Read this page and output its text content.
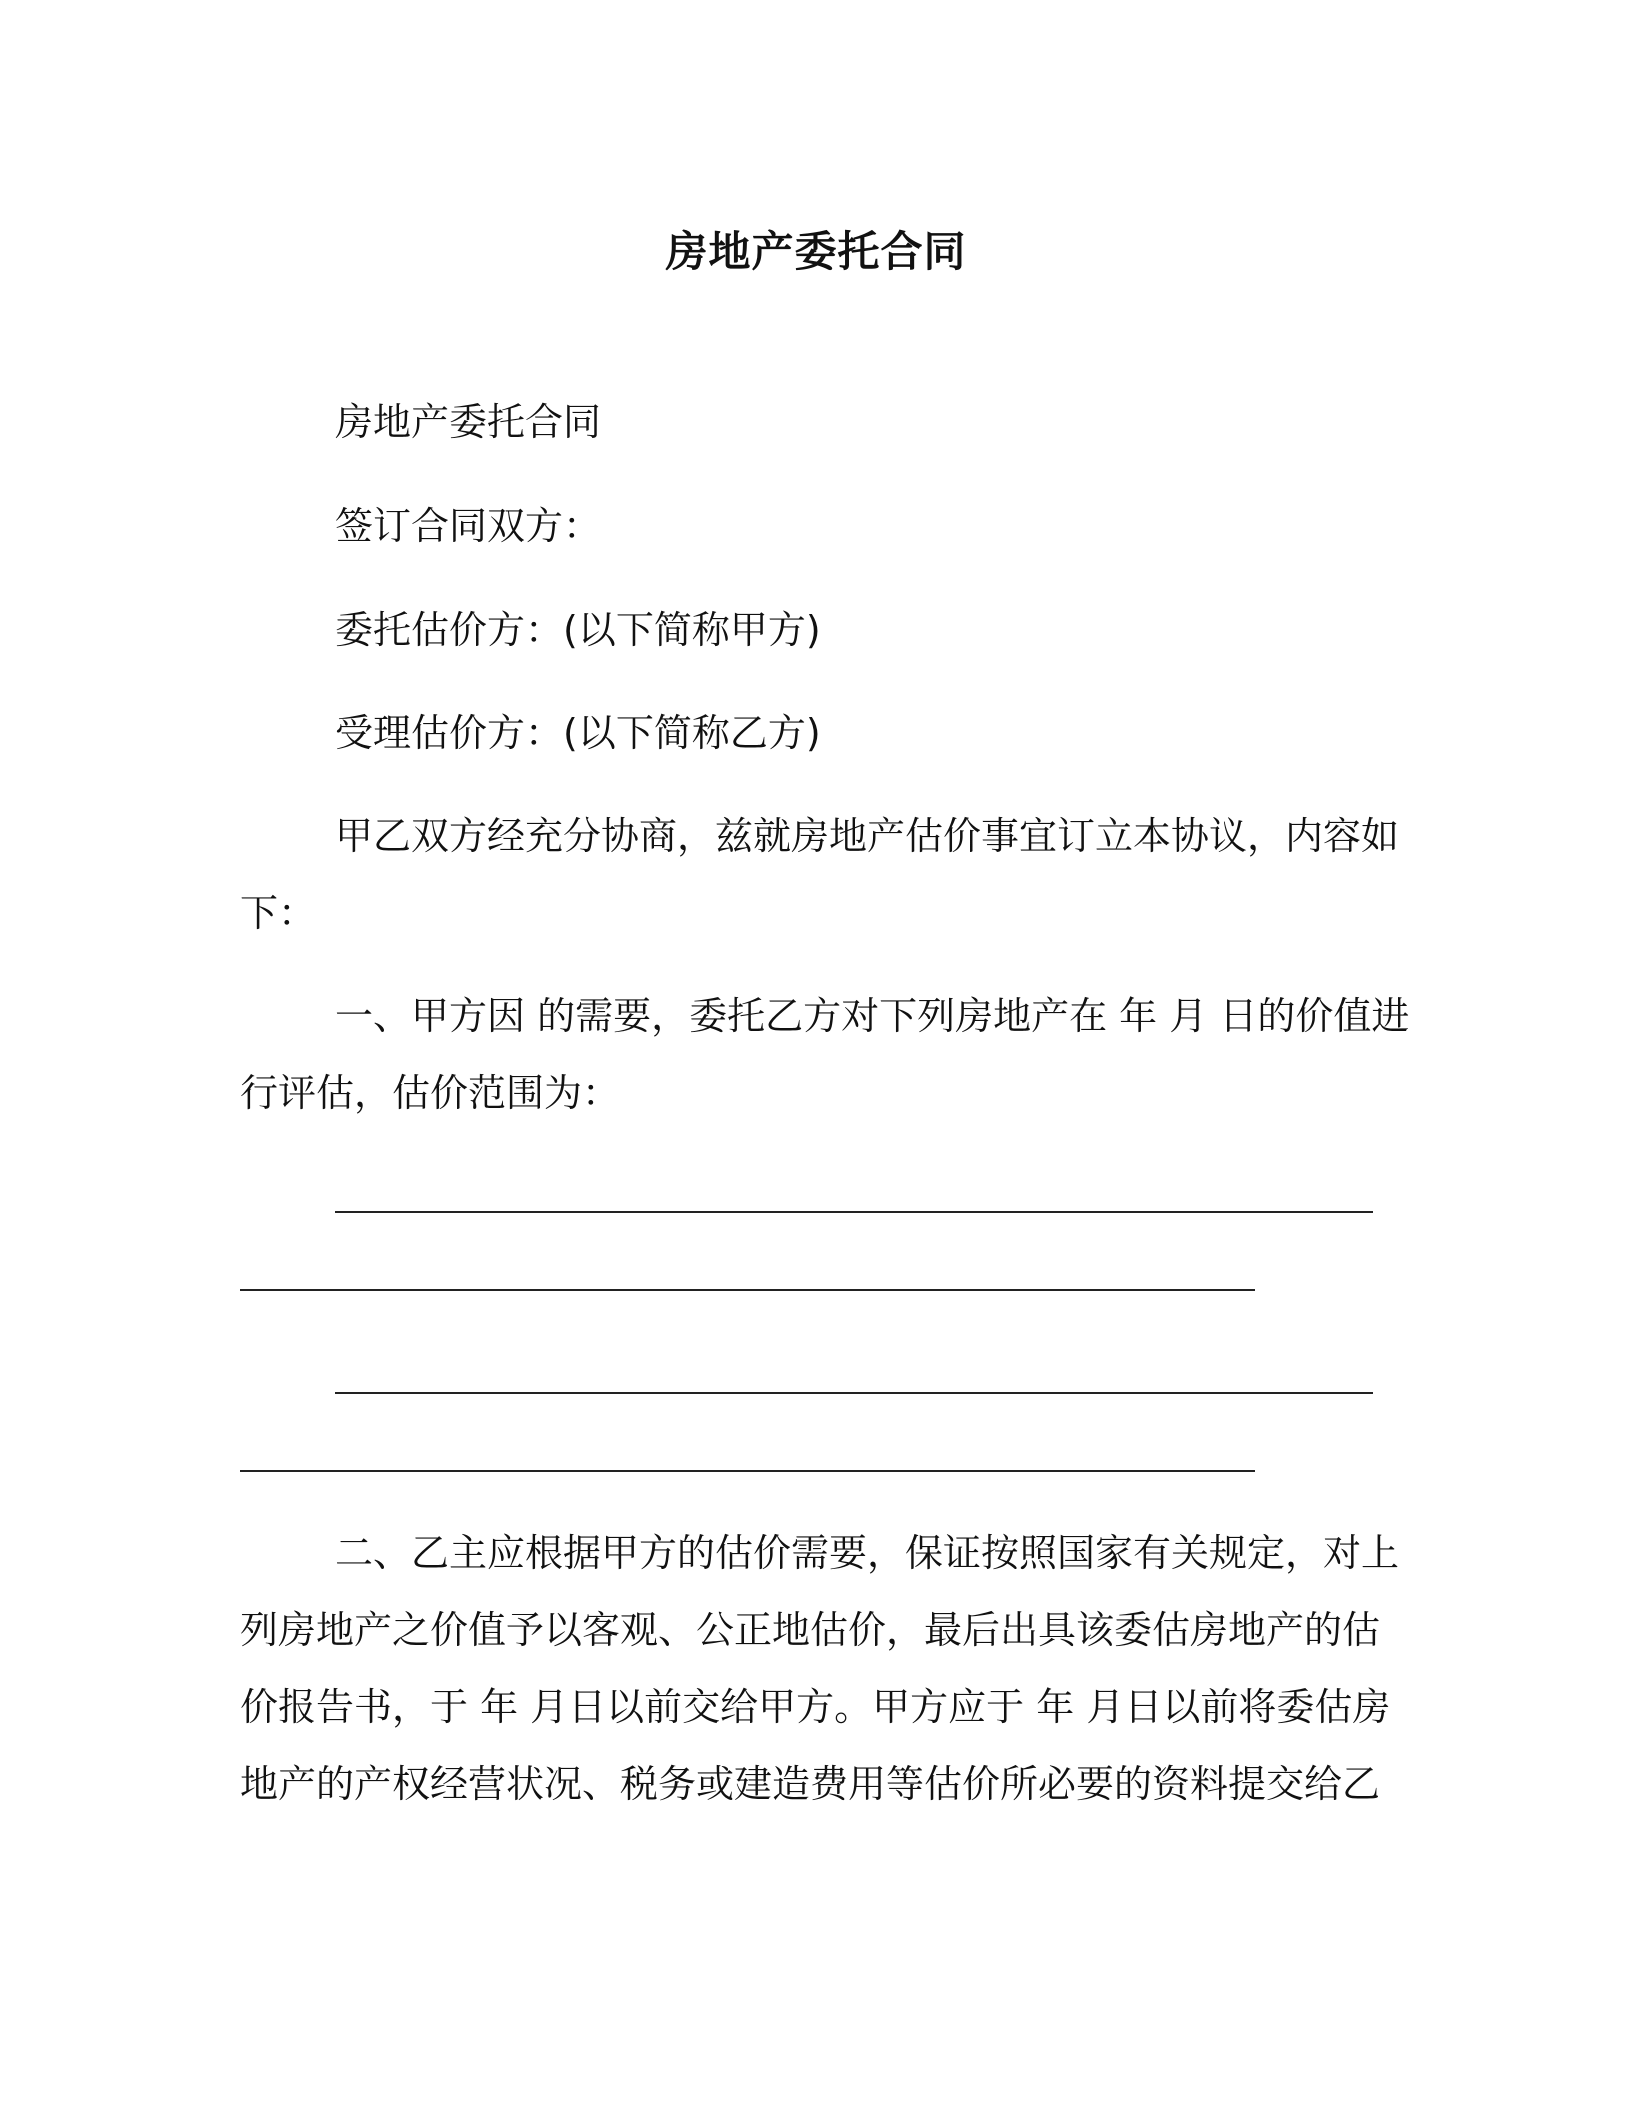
房地产委托合同
房地产委托合同
签订合同双方：
委托估价方：(以下简称甲方)
受理估价方：(以下简称乙方)
甲乙双方经充分协商，兹就房地产估价事宜订立本协议，内容如
下：
一、甲方因 的需要，委托乙方对下列房地产在 年 月 日的价值进
行评估，估价范围为：
二、乙主应根据甲方的估价需要，保证按照国家有关规定，对上
列房地产之价值予以客观、公正地估价，最后出具该委估房地产的估
价报告书，于 年 月日以前交给甲方。甲方应于 年 月日以前将委估房
地产的产权经营状况、税务或建造费用等估价所必要的资料提交给乙
